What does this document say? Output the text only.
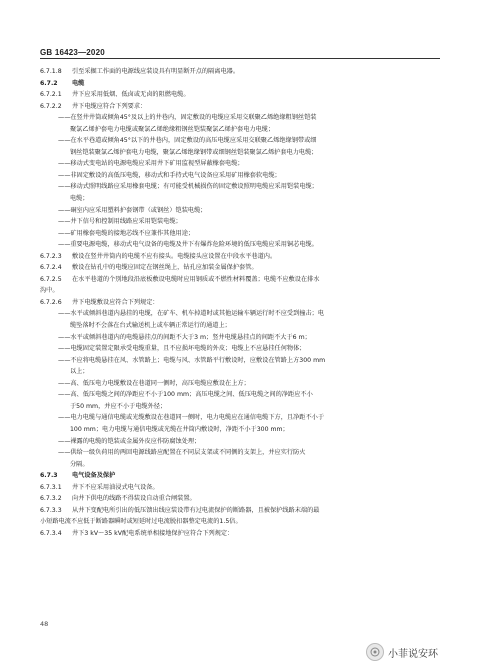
GB 16423—2020
6.7.1.8 引至采掘工作面的电源线应装设具有明显断开点的隔离电器。
6.7.2 电缆
6.7.2.1 井下应采用低烟、低卤或无卤的阻燃电缆。
6.7.2.2 井下电缆应符合下列要求：
——在竖井井筒或倾角45°及以上的井巷内，固定敷设的电缆应采用交联聚乙烯绝缘粗钢丝铠装
聚氯乙烯护套电力电缆或聚氯乙烯绝缘粗钢丝铠装聚氯乙烯护套电力电缆；
——在水平巷道或倾角45°以下的井巷内，固定敷设的高压电缆应采用交联聚乙烯绝缘钢带或细
钢丝铠装聚氯乙烯护套电力电缆，聚氯乙烯绝缘钢带或细钢丝铠装聚氯乙烯护套电力电缆；
——移动式变电站的电源电缆应采用井下矿用监视型屏蔽橡套电缆；
——非固定敷设的高低压电缆，移动式和手持式电气设备应采用矿用橡套软电缆；
——移动式照明线路应采用橡套电缆；有可能受机械损伤的固定敷设照明电缆应采用铠装电缆；
电缆；
——硐室内应采用塑料护套钢带（或钢丝）铠装电缆；
——井下信号和控制用线路应采用铠装电缆；
——矿用橡套电缆的接地芯线不应兼作其他用途；
——重要电源电缆，移动式电气设备的电缆及井下有爆炸危险环境的低压电缆应采用铜芯电缆。
6.7.2.3 敷设在竖井井筒内的电缆不应有接头。电缆接头应设置在中段水平巷道内。
6.7.2.4 敷设在钻孔中的电缆应固定在钢丝绳上，钻孔应加装金属保护套管。
6.7.2.5 在水平巷道的个别地段沿底板敷设电缆时应用钢质或不燃性材料覆盖；电缆不应敷设在排水
沟中。
6.7.2.6 井下电缆敷设应符合下列规定：
——水平或倾斜巷道内悬挂的电缆，在矿车、机车掉道时或其他运输车辆运行时不应受到撞击；电
缆坠落时不会落在台式输送机上或车辆正常运行的通道上；
——水平或倾斜巷道内的电缆悬挂点的间距不大于3 m；竖井电缆悬挂点的间距不大于6 m；
——电缆固定装置定限承受电缆重量，且不应损坏电缆的外皮；电缆上不应悬挂任何物体；
——不应将电缆悬挂在风、水管路上；电缆与风、水管路平行敷设时，应敷设在管路上方300 mm
以上；
——高、低压电力电缆敷设在巷道同一侧时，高压电缆应敷设在上方；
——高、低压电缆之间的净距应不小于100 mm；高压电缆之间、低压电缆之间的净距应不小
于50 mm，并应不小于电缆外径；
——电力电缆与通信电缆或光缆敷设在巷道同一侧时，电力电缆应在通信电缆下方，且净距不小于
100 mm；电力电缆与通信电缆或光缆在井筒内敷设时，净距不小于300 mm；
——裸露的电缆的铠装或金属外皮应作防腐蚀处理；
——供给一级负荷用的两回电源线路应配置在不同层支架或不同侧的支架上，并应实行防火
分隔。
6.7.3 电气设备及保护
6.7.3.1 井下不应采用油浸式电气设备。
6.7.3.2 向井下供电的线路不得装设自动重合闸装置。
6.7.3.3 从井下变配电所引出的低压馈出线应装设带有过电流保护的断路器，且被保护线路末端的最
小短路电流不应低于断路器瞬时或短延时过电流脱扣器整定电流的1.5倍。
6.7.3.4 井下3 kV～35 kV配电系统单相接地保护应符合下列规定：
48
小菲说安环
